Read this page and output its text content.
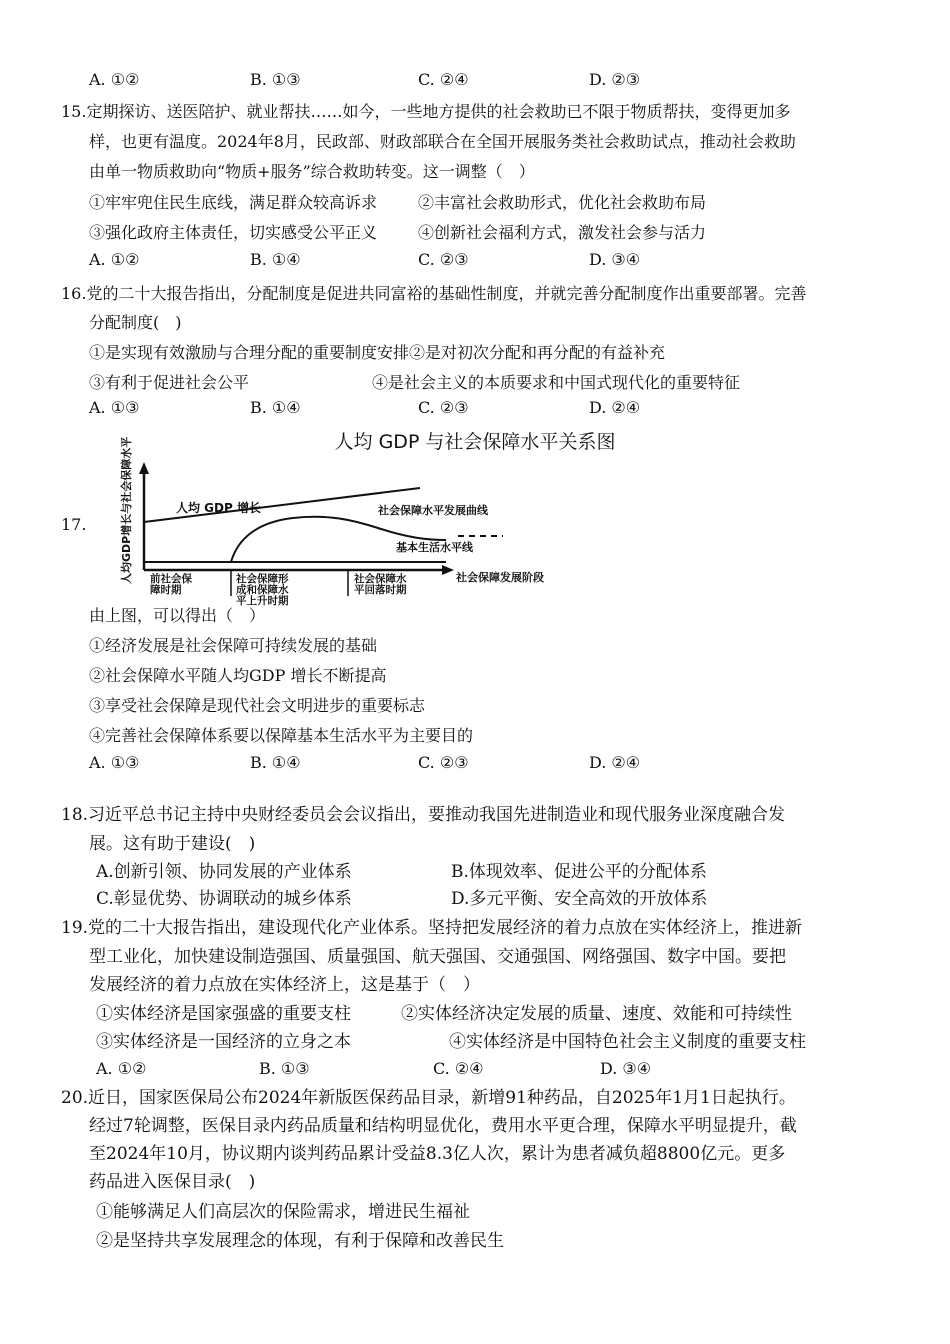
A. ①②	B. ①③	C. ②④	D. ②③
15.定期探访、送医陪护、就业帮扶……如今，一些地方提供的社会救助已不限于物质帮扶，变得更加多
样，也更有温度。2024年8月，民政部、财政部联合在全国开展服务类社会救助试点，推动社会救助
由单一物质救助向“物质+服务”综合救助转变。这一调整（　）
①牢牢兜住民生底线，满足群众较高诉求	②丰富社会救助形式，优化社会救助布局
③强化政府主体责任，切实感受公平正义	④创新社会福利方式，激发社会参与活力
A. ①②	B. ①④	C. ②③	D. ③④
16.党的二十大报告指出，分配制度是促进共同富裕的基础性制度，并就完善分配制度作出重要部署。完善
分配制度(　)
①是实现有效激励与合理分配的重要制度安排②是对初次分配和再分配的有益补充
③有利于促进社会公平	④是社会主义的本质要求和中国式现代化的重要特征
A. ①③	B. ①④	C. ②③	D. ②④
人均 GDP 与社会保障水平关系图
17.
人均 GDP 增长	社会保障水平发展曲线
基本生活水平线
人均GDP增长与社会保障水平	社会保障发展阶段
前社会保障时期
社会保障形成和保障水平上升时期
社会保障水平回落时期
由上图，可以得出（　）
①经济发展是社会保障可持续发展的基础
②社会保障水平随人均GDP 增长不断提高
③享受社会保障是现代社会文明进步的重要标志
④完善社会保障体系要以保障基本生活水平为主要目的
A. ①③	B. ①④	C. ②③	D. ②④
18.习近平总书记主持中央财经委员会会议指出，要推动我国先进制造业和现代服务业深度融合发
展。这有助于建设(　)
A.创新引领、协同发展的产业体系	B.体现效率、促进公平的分配体系
C.彰显优势、协调联动的城乡体系	D.多元平衡、安全高效的开放体系
19.党的二十大报告指出，建设现代化产业体系。坚持把发展经济的着力点放在实体经济上，推进新
型工业化，加快建设制造强国、质量强国、航天强国、交通强国、网络强国、数字中国。要把
发展经济的着力点放在实体经济上，这是基于（　）
①实体经济是国家强盛的重要支柱	②实体经济决定发展的质量、速度、效能和可持续性
③实体经济是一国经济的立身之本	④实体经济是中国特色社会主义制度的重要支柱
A. ①②	B. ①③	C. ②④	D. ③④
20.近日，国家医保局公布2024年新版医保药品目录，新增91种药品，自2025年1月1日起执行。
经过7轮调整，医保目录内药品质量和结构明显优化，费用水平更合理，保障水平明显提升，截
至2024年10月，协议期内谈判药品累计受益8.3亿人次，累计为患者减负超8800亿元。更多
药品进入医保目录(　)
①能够满足人们高层次的保险需求，增进民生福祉
②是坚持共享发展理念的体现，有利于保障和改善民生
